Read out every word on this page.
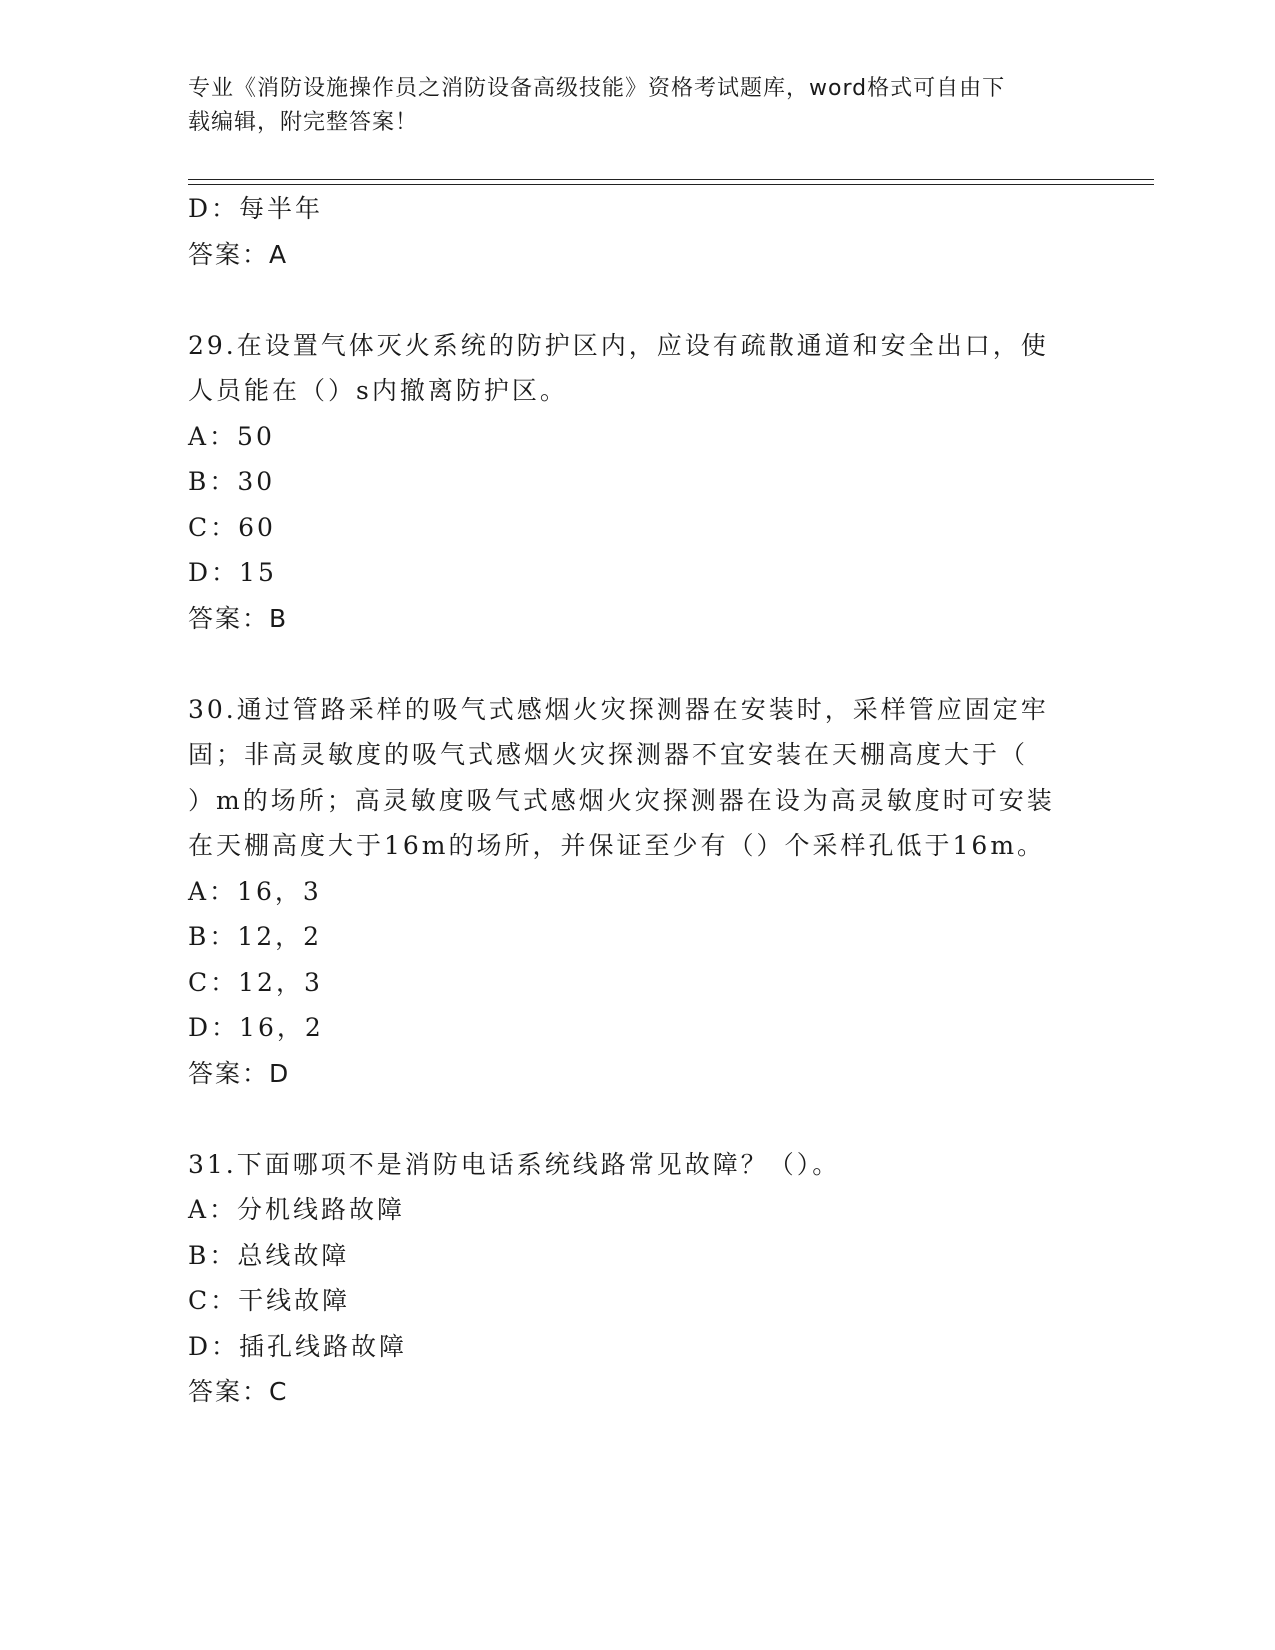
专业《消防设施操作员之消防设备高级技能》资格考试题库，word格式可自由下
载编辑，附完整答案！
D：每半年
答案：A
29.在设置气体灭火系统的防护区内，应设有疏散通道和安全出口，使
人员能在（）s内撤离防护区。
A：50
B：30
C：60
D：15
答案：B
30.通过管路采样的吸气式感烟火灾探测器在安装时，采样管应固定牢
固；非高灵敏度的吸气式感烟火灾探测器不宜安装在天棚高度大于（
）m的场所；高灵敏度吸气式感烟火灾探测器在设为高灵敏度时可安装
在天棚高度大于16m的场所，并保证至少有（）个采样孔低于16m。
A：16，3
B：12，2
C：12，3
D：16，2
答案：D
31.下面哪项不是消防电话系统线路常见故障？（）。
A：分机线路故障
B：总线故障
C：干线故障
D：插孔线路故障
答案：C
